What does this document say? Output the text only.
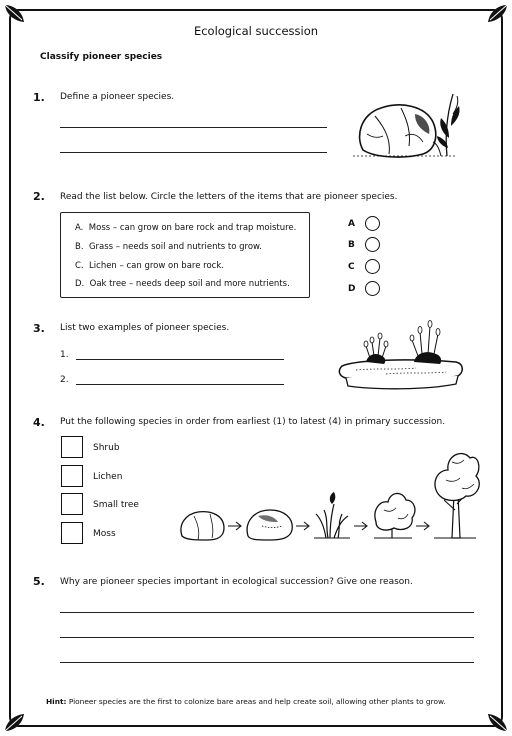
Ecological succession
Classify pioneer species
1. Define a pioneer species.
2. Read the list below. Circle the letters of the items that are pioneer species.
A. Moss – can grow on bare rock and trap moisture.
B. Grass – needs soil and nutrients to grow.
C. Lichen – can grow on bare rock.
D. Oak tree – needs deep soil and more nutrients.
A
B
C
D
3. List two examples of pioneer species.
1.
2.
4. Put the following species in order from earliest (1) to latest (4) in primary succession.
Shrub
Lichen
Small tree
Moss
5. Why are pioneer species important in ecological succession? Give one reason.
Hint: Pioneer species are the first to colonize bare areas and help create soil, allowing other plants to grow.
